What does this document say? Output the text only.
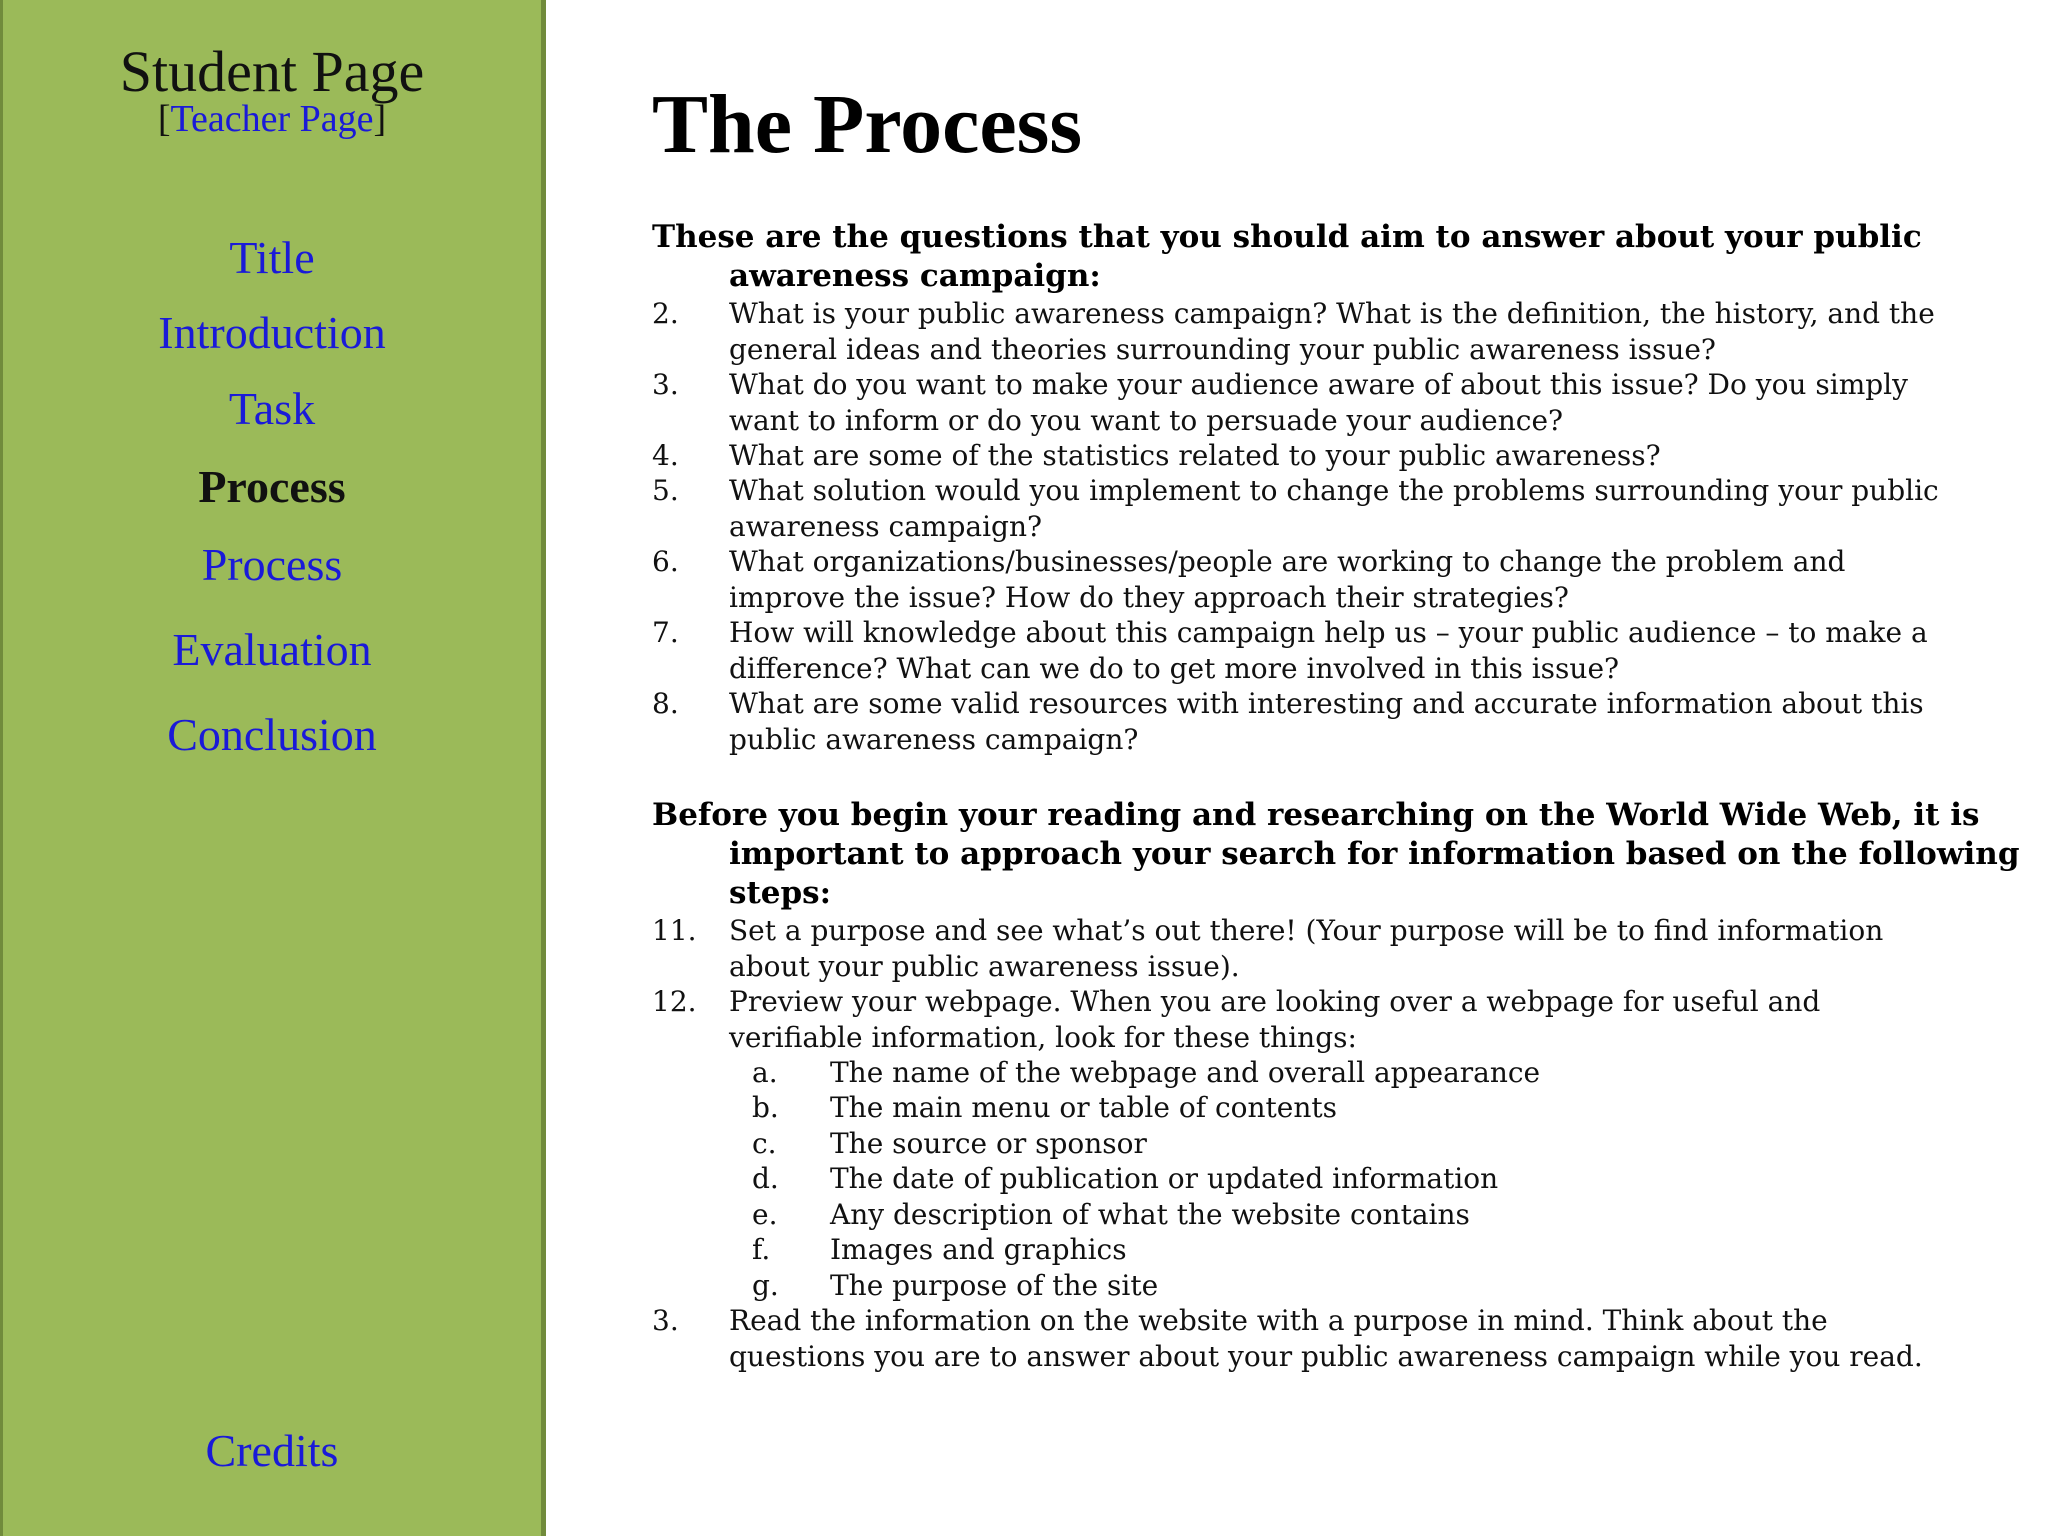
Student Page
[Teacher Page]
Title
Introduction
Task
Process
Process
Evaluation
Conclusion
Credits
The Process
These are the questions that you should aim to answer about your public awareness campaign:
2.	What is your public awareness campaign? What is the definition, the history, and the general ideas and theories surrounding your public awareness issue?
3.	What do you want to make your audience aware of about this issue? Do you simply want to inform or do you want to persuade your audience?
4.	What are some of the statistics related to your public awareness?
5.	What solution would you implement to change the problems surrounding your public awareness campaign?
6.	What organizations/businesses/people are working to change the problem and improve the issue? How do they approach their strategies?
7.	How will knowledge about this campaign help us – your public audience – to make a difference? What can we do to get more involved in this issue?
8.	What are some valid resources with interesting and accurate information about this public awareness campaign?
Before you begin your reading and researching on the World Wide Web, it is important to approach your search for information based on the following steps:
11.	Set a purpose and see what’s out there! (Your purpose will be to find information about your public awareness issue).
12.	Preview your webpage. When you are looking over a webpage for useful and verifiable information, look for these things:
a.	The name of the webpage and overall appearance
b.	The main menu or table of contents
c.	The source or sponsor
d.	The date of publication or updated information
e.	Any description of what the website contains
f.	Images and graphics
g.	The purpose of the site
3.	Read the information on the website with a purpose in mind. Think about the questions you are to answer about your public awareness campaign while you read.
